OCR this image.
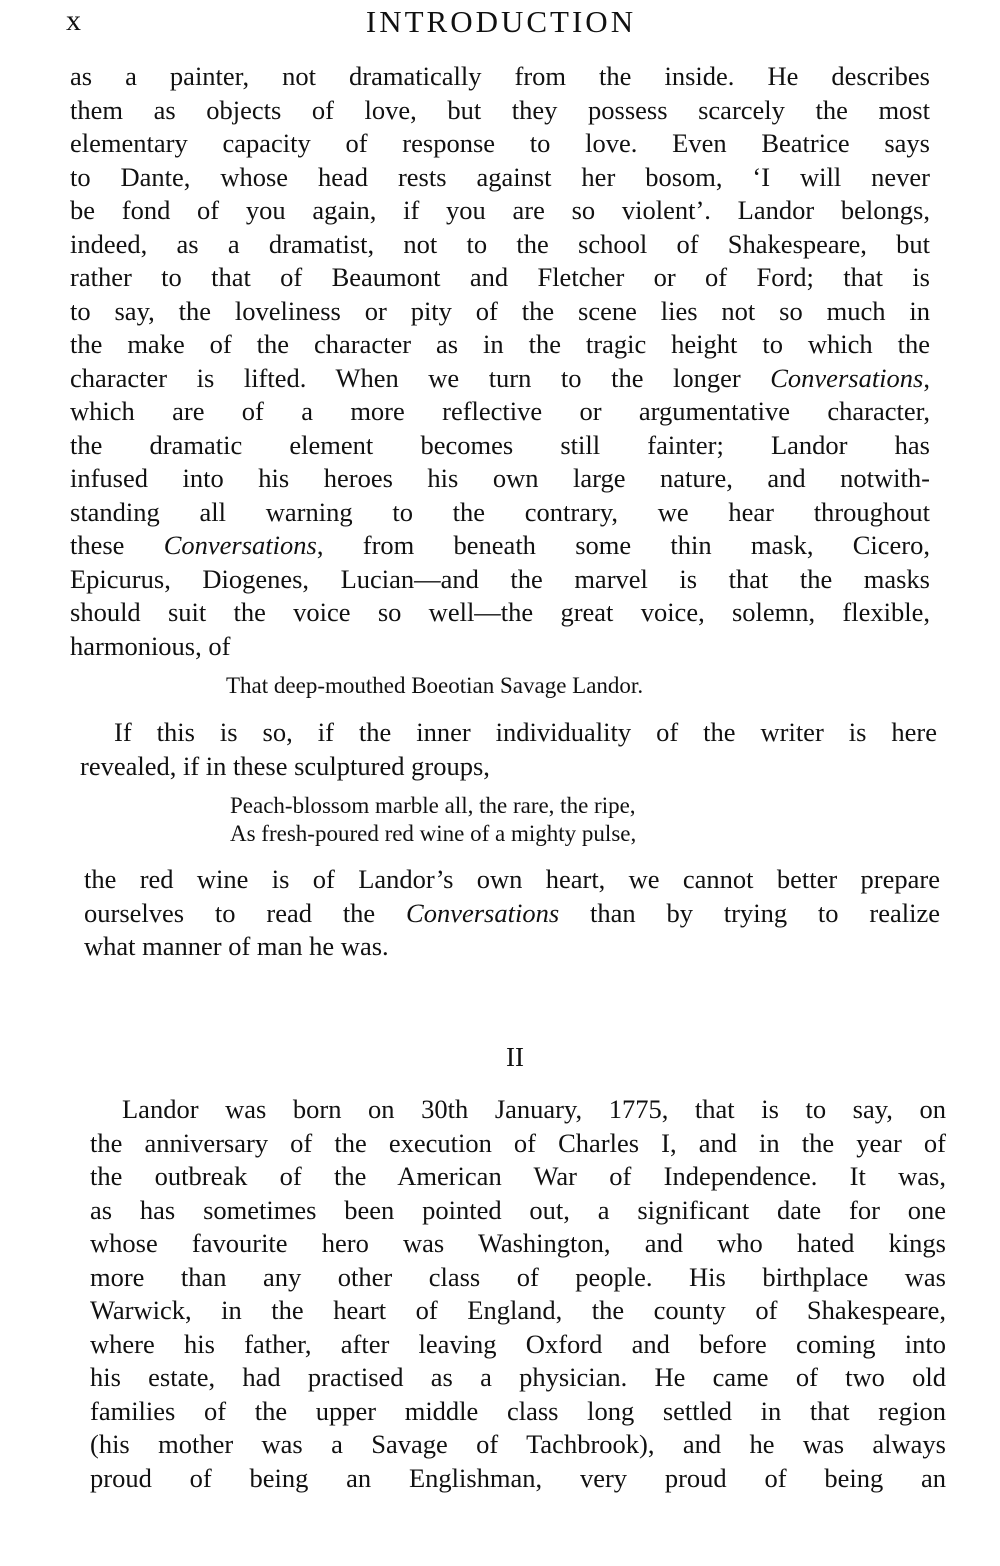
x	INTRODUCTION
as a painter, not dramatically from the inside. He describes
them as objects of love, but they possess scarcely the most
elementary capacity of response to love. Even Beatrice says
to Dante, whose head rests against her bosom, ‘I will never
be fond of you again, if you are so violent’. Landor belongs,
indeed, as a dramatist, not to the school of Shakespeare, but
rather to that of Beaumont and Fletcher or of Ford; that is
to say, the loveliness or pity of the scene lies not so much in
the make of the character as in the tragic height to which the
character is lifted. When we turn to the longer Conversations,
which are of a more reflective or argumentative character,
the dramatic element becomes still fainter; Landor has
infused into his heroes his own large nature, and notwith-
standing all warning to the contrary, we hear throughout
these Conversations, from beneath some thin mask, Cicero,
Epicurus, Diogenes, Lucian—and the marvel is that the masks
should suit the voice so well—the great voice, solemn, flexible,
harmonious, of
That deep-mouthed Boeotian Savage Landor.
If this is so, if the inner individuality of the writer is here
revealed, if in these sculptured groups,
Peach-blossom marble all, the rare, the ripe,
As fresh-poured red wine of a mighty pulse,
the red wine is of Landor’s own heart, we cannot better prepare
ourselves to read the Conversations than by trying to realize
what manner of man he was.
II
Landor was born on 30th January, 1775, that is to say, on
the anniversary of the execution of Charles I, and in the year of
the outbreak of the American War of Independence. It was,
as has sometimes been pointed out, a significant date for one
whose favourite hero was Washington, and who hated kings
more than any other class of people. His birthplace was
Warwick, in the heart of England, the county of Shakespeare,
where his father, after leaving Oxford and before coming into
his estate, had practised as a physician. He came of two old
families of the upper middle class long settled in that region
(his mother was a Savage of Tachbrook), and he was always
proud of being an Englishman, very proud of being an
